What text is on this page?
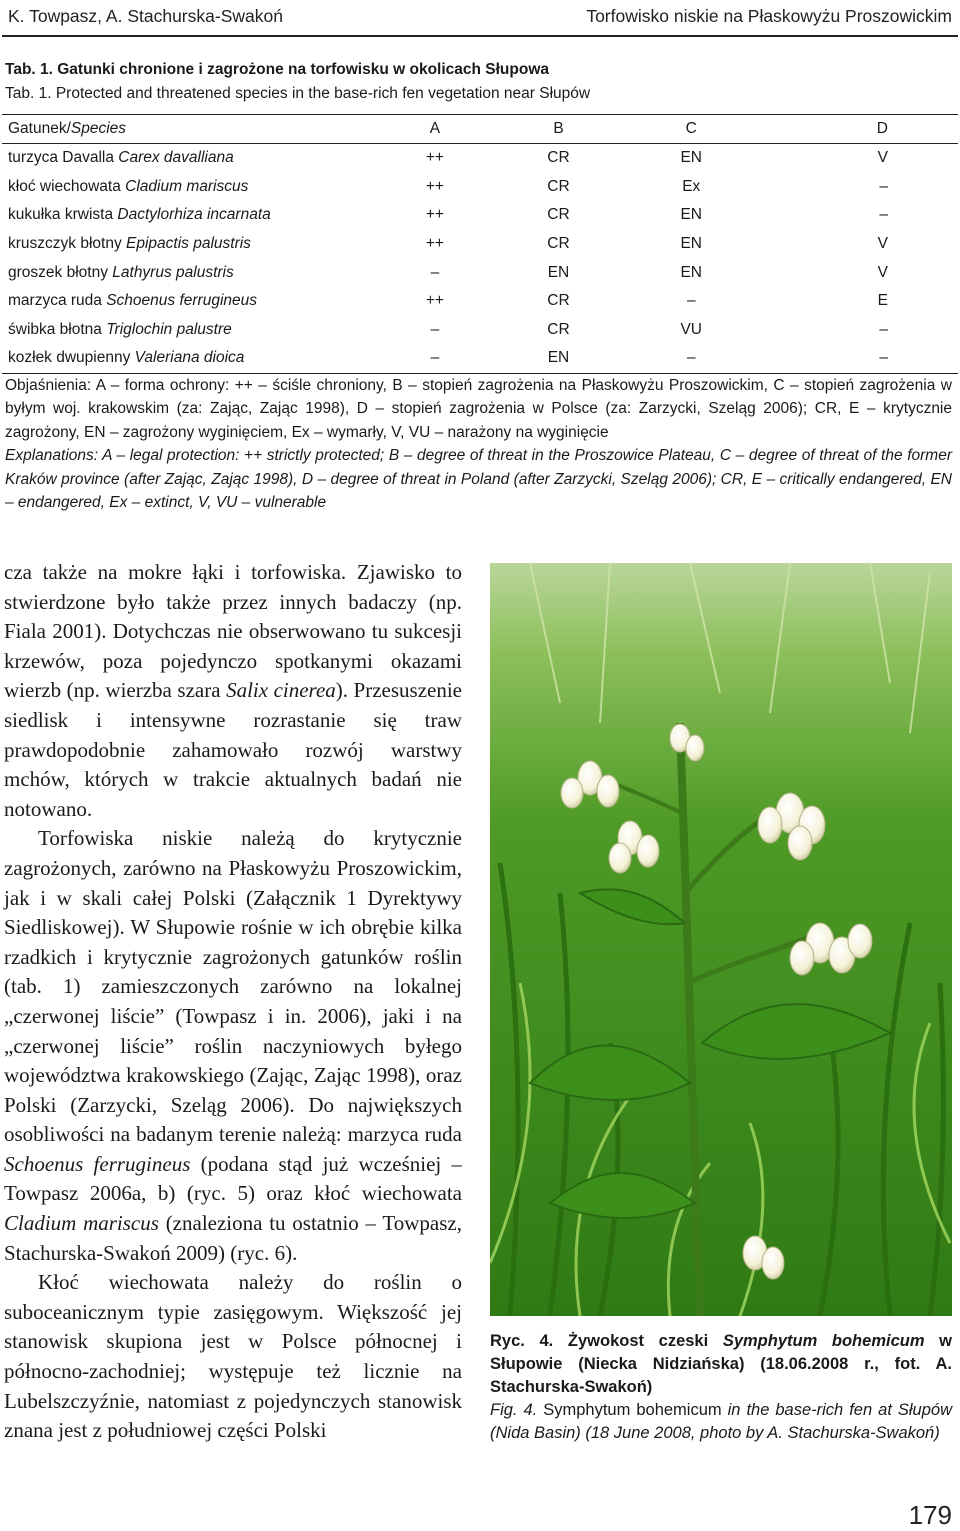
K. Towpasz, A. Stachurska-Swakoń	Torfowisko niskie na Płaskowyżu Proszowickim
Tab. 1. Gatunki chronione i zagrożone na torfowisku w okolicach Słupowa
Tab. 1. Protected and threatened species in the base-rich fen vegetation near Słupów
Gatunek/Species	A	B	C	D
turzyca Davalla Carex davalliana	++	CR	EN	V
kłoć wiechowata Cladium mariscus	++	CR	Ex	–
kukułka krwista Dactylorhiza incarnata	++	CR	EN	–
kruszczyk błotny Epipactis palustris	++	CR	EN	V
groszek błotny Lathyrus palustris	–	EN	EN	V
marzyca ruda Schoenus ferrugineus	++	CR	–	E
świbka błotna Triglochin palustre	–	CR	VU	–
kozłek dwupienny Valeriana dioica	–	EN	–	–

Objaśnienia: A – forma ochrony: ++ – ściśle chroniony, B – stopień zagrożenia na Płaskowyżu Proszowickim, C – stopień zagrożenia w byłym woj. krakowskim (za: Zając, Zając 1998), D – stopień zagrożenia w Polsce (za: Zarzycki, Szeląg 2006); CR, E – krytycznie zagrożony, EN – zagrożony wyginięciem, Ex – wymarły, V, VU – narażony na wyginięcie

Explanations: A – legal protection: ++ strictly protected; B – degree of threat in the Proszowice Plateau, C – degree of threat of the former Kraków province (after Zając, Zając 1998), D – degree of threat in Poland (after Zarzycki, Szeląg 2006); CR, E – critically endangered, EN – endangered, Ex – extinct, V, VU – vulnerable

cza także na mokre łąki i torfowiska. Zjawisko to stwierdzone było także przez innych badaczy (np. Fiala 2001). Dotychczas nie obserwowano tu sukcesji krzewów, poza pojedynczo spotkanymi okazami wierzb (np. wierzba szara Salix cinerea). Przesuszenie siedlisk i intensywne rozrastanie się traw prawdopodobnie zahamowało rozwój warstwy mchów, których w trakcie aktualnych badań nie notowano.

Torfowiska niskie należą do krytycznie zagrożonych, zarówno na Płaskowyżu Proszowickim, jak i w skali całej Polski (Załącznik 1 Dyrektywy Siedliskowej). W Słupowie rośnie w ich obrębie kilka rzadkich i krytycznie zagrożonych gatunków roślin (tab. 1) zamieszczonych zarówno na lokalnej „czerwonej liście” (Towpasz i in. 2006), jaki i na „czerwonej liście” roślin naczyniowych byłego województwa krakowskiego (Zając, Zając 1998), oraz Polski (Zarzycki, Szeląg 2006). Do największych osobliwości na badanym terenie należą: marzyca ruda Schoenus ferrugineus (podana stąd już wcześniej – Towpasz 2006a, b) (ryc. 5) oraz kłoć wiechowata Cladium mariscus (znaleziona tu ostatnio – Towpasz, Stachurska-Swakoń 2009) (ryc. 6).

Kłoć wiechowata należy do roślin o suboceanicznym typie zasięgowym. Większość jej stanowisk skupiona jest w Polsce północnej i północno-zachodniej; występuje też licznie na Lubelszczyźnie, natomiast z pojedynczych stanowisk znana jest z południowej części Polski

Ryc. 4. Żywokost czeski Symphytum bohemicum w Słupowie (Niecka Nidziańska) (18.06.2008 r., fot. A. Stachurska-Swakoń)

Fig. 4. Symphytum bohemicum in the base-rich fen at Słupów (Nida Basin) (18 June 2008, photo by A. Stachurska-Swakoń)

179
